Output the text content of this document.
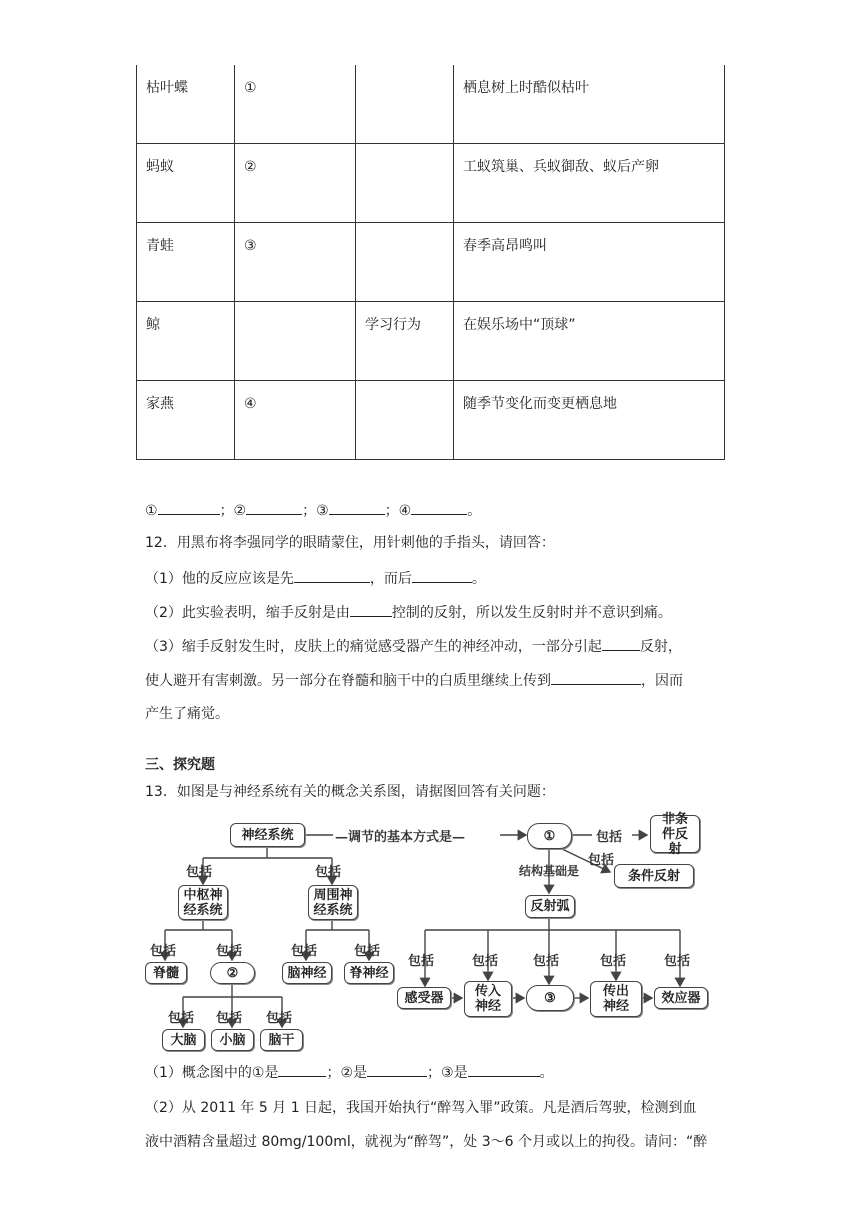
枯叶蝶	①		栖息树上时酷似枯叶
蚂蚁	②		工蚁筑巢、兵蚁御敌、蚁后产卵
青蛙	③		春季高昂鸣叫
鲸		学习行为	在娱乐场中“顶球”
家燕	④		随季节变化而变更栖息地
①	；②	；③	；④	。
12．用黑布将李强同学的眼睛蒙住，用针刺他的手指头，请回答：
（1）他的反应应该是先	，而后	。
（2）此实验表明，缩手反射是由	控制的反射，所以发生反射时并不意识到痛。
（3）缩手反射发生时，皮肤上的痛觉感受器产生的神经冲动，一部分引起	反射，
使人避开有害刺激。另一部分在脊髓和脑干中的白质里继续上传到	，因而
产生了痛觉。
三、探究题
13．如图是与神经系统有关的概念关系图，请据图回答有关问题：
神经系统	—调节的基本方式是—	①	包括
非条件反射
包括
条件反射
结构基础是
反射弧
包括	包括
中枢神经系统
周围神经系统
包括	包括	包括	包括
脊髓	②	脑神经	脊神经
包括 包括 包括
大脑	小脑	脑干
包括	包括	包括	包括	包括
感受器	传入神经
③	传出神经
效应器
（1）概念图中的①是	；②是	；③是	。
（2）从 2011 年 5 月 1 日起，我国开始执行“醉驾入罪”政策。凡是酒后驾驶，检测到血
液中酒精含量超过 80mg/100ml，就视为“醉驾”，处 3～6 个月或以上的拘役。请问：“醉
